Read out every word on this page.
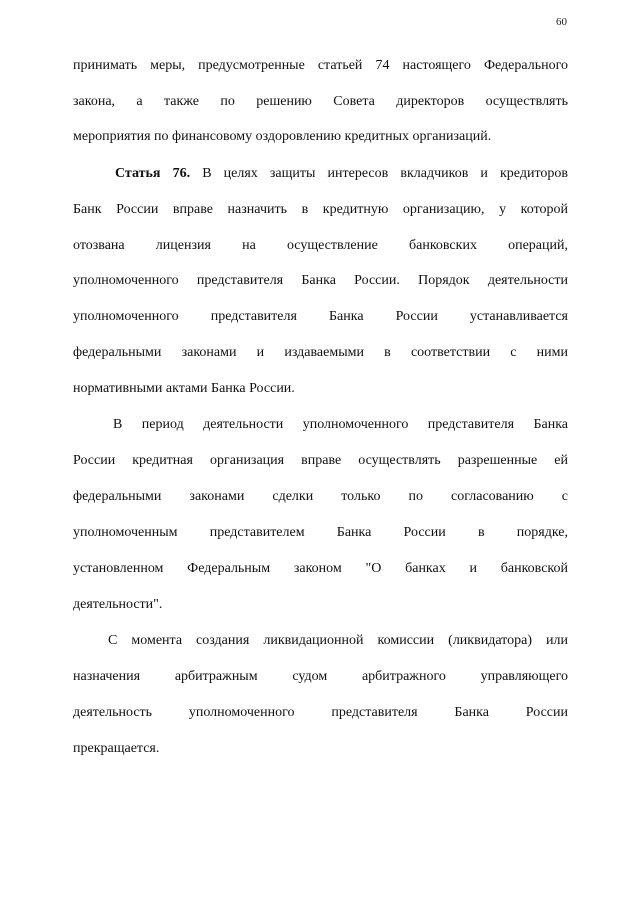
60
принимать меры, предусмотренные статьей 74 настоящего Федерального
закона, а также по решению Совета директоров осуществлять
мероприятия по финансовому оздоровлению кредитных организаций.
Статья 76. В целях защиты интересов вкладчиков и кредиторов
Банк России вправе назначить в кредитную организацию, у которой
отозвана лицензия на осуществление банковских операций,
уполномоченного представителя Банка России. Порядок деятельности
уполномоченного представителя Банка России устанавливается
федеральными законами и издаваемыми в соответствии с ними
нормативными актами Банка России.
В период деятельности уполномоченного представителя Банка
России кредитная организация вправе осуществлять разрешенные ей
федеральными законами сделки только по согласованию с
уполномоченным представителем Банка России в порядке,
установленном Федеральным законом "О банках и банковской
деятельности".
С момента создания ликвидационной комиссии (ликвидатора) или
назначения арбитражным судом арбитражного управляющего
деятельность уполномоченного представителя Банка России
прекращается.
